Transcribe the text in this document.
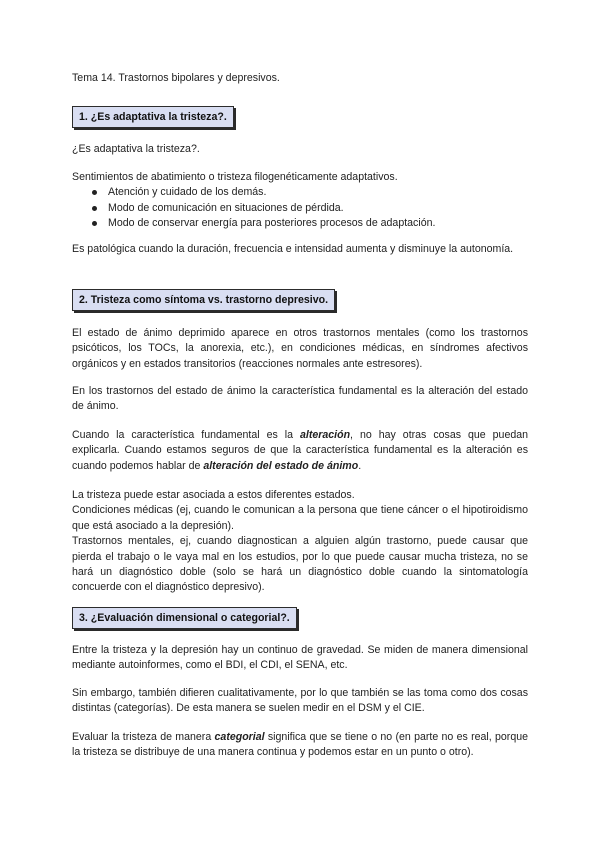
Tema 14. Trastornos bipolares y depresivos.
1. ¿Es adaptativa la tristeza?.
¿Es adaptativa la tristeza?.

Sentimientos de abatimiento o tristeza filogenéticamente adaptativos.

Atención y cuidado de los demás.
Modo de comunicación en situaciones de pérdida.
Modo de conservar energía para posteriores procesos de adaptación.
Es patológica cuando la duración, frecuencia e intensidad aumenta y disminuye la autonomía.
2. Tristeza como síntoma vs. trastorno depresivo.
El estado de ánimo deprimido aparece en otros trastornos mentales (como los trastornos psicóticos, los TOCs, la anorexia, etc.), en condiciones médicas, en síndromes afectivos orgánicos y en estados transitorios (reacciones normales ante estresores).
En los trastornos del estado de ánimo la característica fundamental es la alteración del estado de ánimo.
Cuando la característica fundamental es la alteración, no hay otras cosas que puedan explicarla. Cuando estamos seguros de que la característica fundamental es la alteración es cuando podemos hablar de alteración del estado de ánimo.

La tristeza puede estar asociada a estos diferentes estados.

Condiciones médicas (ej, cuando le comunican a la persona que tiene cáncer o el hipotiroidismo que está asociado a la depresión).

Trastornos mentales, ej, cuando diagnostican a alguien algún trastorno, puede causar que pierda el trabajo o le vaya mal en los estudios, por lo que puede causar mucha tristeza, no se hará un diagnóstico doble (solo se hará un diagnóstico doble cuando la sintomatología concuerde con el diagnóstico depresivo).

3. ¿Evaluación dimensional o categorial?.
Entre la tristeza y la depresión hay un continuo de gravedad. Se miden de manera dimensional mediante autoinformes, como el BDI, el CDI, el SENA, etc.
Sin embargo, también difieren cualitativamente, por lo que también se las toma como dos cosas distintas (categorías). De esta manera se suelen medir en el DSM y el CIE.
Evaluar la tristeza de manera categorial significa que se tiene o no (en parte no es real, porque la tristeza se distribuye de una manera continua y podemos estar en un punto o otro).
